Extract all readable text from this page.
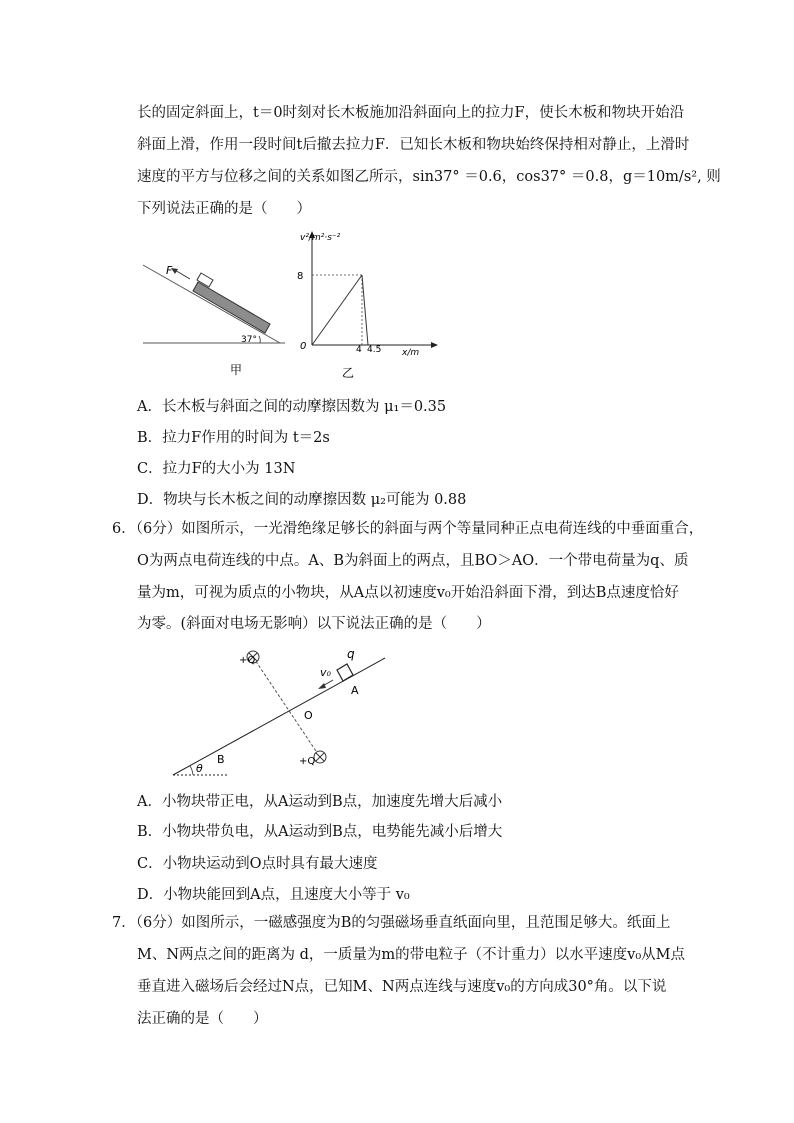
长的固定斜面上，t＝0时刻对长木板施加沿斜面向上的拉力F，使长木板和物块开始沿
斜面上滑，作用一段时间t后撤去拉力F．已知长木板和物块始终保持相对静止，上滑时
速度的平方与位移之间的关系如图乙所示，sin37° ＝0.6，cos37° ＝0.8，g＝10m/s², 则
下列说法正确的是（　　）
F
37°
甲
v²/m²·s⁻²
x/m
0
8
4 4.5
乙
A．长木板与斜面之间的动摩擦因数为 μ₁＝0.35
B．拉力F作用的时间为 t＝2s
C．拉力F的大小为 13N
D．物块与长木板之间的动摩擦因数 μ₂可能为 0.88
6．（6分）如图所示，一光滑绝缘足够长的斜面与两个等量同种正点电荷连线的中垂面重合，
O为两点电荷连线的中点。A、B为斜面上的两点，且BO＞AO．一个带电荷量为q、质
量为m，可视为质点的小物块，从A点以初速度v₀开始沿斜面下滑，到达B点速度恰好
为零。(斜面对电场无影响）以下说法正确的是（　　）
θ
+Q
+Q
q
v₀
A
O
B
A．小物块带正电，从A运动到B点，加速度先增大后减小
B．小物块带负电，从A运动到B点，电势能先减小后增大
C．小物块运动到O点时具有最大速度
D．小物块能回到A点，且速度大小等于 v₀
7．（6分）如图所示，一磁感强度为B的匀强磁场垂直纸面向里，且范围足够大。纸面上
M、N两点之间的距离为 d，一质量为m的带电粒子（不计重力）以水平速度v₀从M点
垂直进入磁场后会经过N点，已知M、N两点连线与速度v₀的方向成30°角。以下说
法正确的是（　　）
